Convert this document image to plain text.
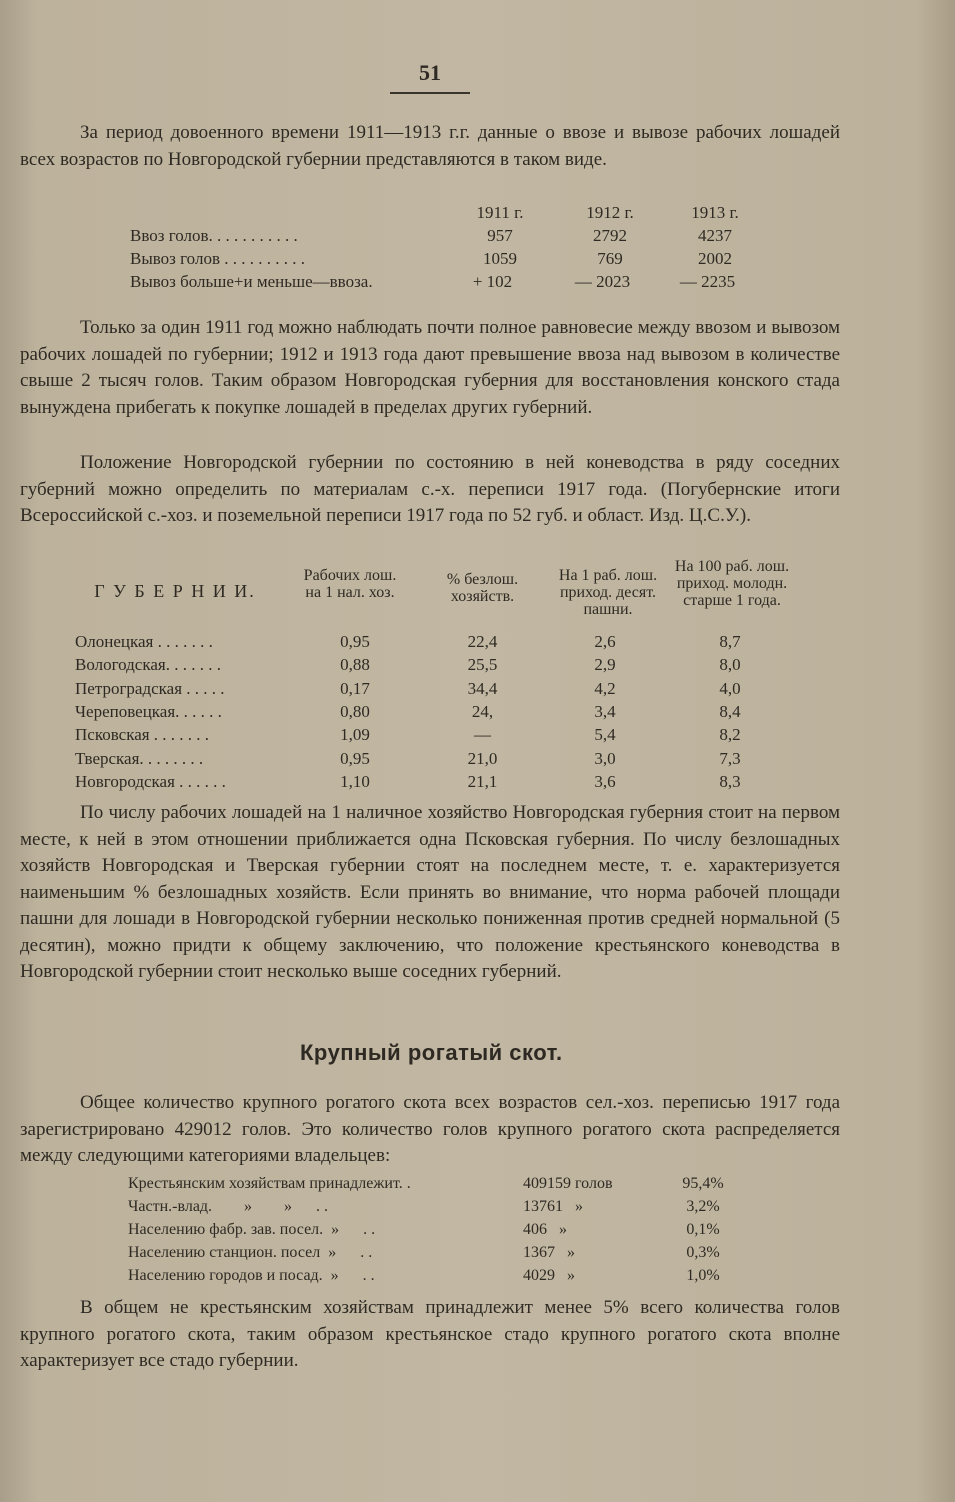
51

За период довоенного времени 1911—1913 г.г. данные о ввозе и вывозе рабочих лошадей всех возрастов по Новгородской губернии представляются в таком виде.

1911 г.	1912 г.	1913 г.
Ввоз голов. . . . . . . . . . .	957	2792	4237
Вывоз голов . . . . . . . . . .	1059	769	2002
Вывоз больше+и меньше—ввоза.	+ 102	— 2023	— 2235

Только за один 1911 год можно наблюдать почти полное равновесие между ввозом и вывозом рабочих лошадей по губернии; 1912 и 1913 года дают превышение ввоза над вывозом в количестве свыше 2 тысяч голов. Таким образом Новгородская губерния для восстановления конского стада вынуждена прибегать к покупке лошадей в пределах других губерний.

Положение Новгородской губернии по состоянию в ней коневодства в ряду соседних губерний можно определить по материалам с.-х. переписи 1917 года. (Погубернские итоги Всероссийской с.-хоз. и поземельной переписи 1917 года по 52 губ. и област. Изд. Ц.С.У.).

Г У Б Е Р Н И И.
Рабочих лош. на 1 нал. хоз.
% безлош. хозяйств.
На 1 раб. лош. приход. десят. пашни.
На 100 раб. лош. приход. молодн. старше 1 года.
Олонецкая . . . . . . .	0,95	22,4	2,6	8,7
Вологодская. . . . . . .	0,88	25,5	2,9	8,0
Петроградская . . . . .	0,17	34,4	4,2	4,0
Череповецкая. . . . . .	0,80	24,	3,4	8,4
Псковская . . . . . . .	1,09	—	5,4	8,2
Тверская. . . . . . . .	0,95	21,0	3,0	7,3
Новгородская . . . . . .	1,10	21,1	3,6	8,3

По числу рабочих лошадей на 1 наличное хозяйство Новгородская губерния стоит на первом месте, к ней в этом отношении приближается одна Псковская губерния. По числу безлошадных хозяйств Новгородская и Тверская губернии стоят на последнем месте, т. е. характеризуется наименьшим % безлошадных хозяйств. Если принять во внимание, что норма рабочей площади пашни для лошади в Новгородской губернии несколько пониженная против средней нормальной (5 десятин), можно придти к общему заключению, что положение крестьянского коневодства в Новгородской губернии стоит несколько выше соседних губерний.

Крупный рогатый скот.

Общее количество крупного рогатого скота всех возрастов сел.-хоз. переписью 1917 года зарегистрировано 429012 голов. Это количество голов крупного рогатого скота распределяется между следующими категориями владельцев:

Крестьянским хозяйствам принадлежит. .	409159 голов	95,4%
Частн.-влад.        »        »      . .	13761   »	3,2%
Населению фабр. зав. посел.  »      . .	406   »	0,1%
Населению станцион. посел  »      . .	1367   »	0,3%
Населению городов и посад.  »      . .	4029   »	1,0%

В общем не крестьянским хозяйствам принадлежит менее 5% всего количества голов крупного рогатого скота, таким образом крестьянское стадо крупного рогатого скота вполне характеризует все стадо губернии.
